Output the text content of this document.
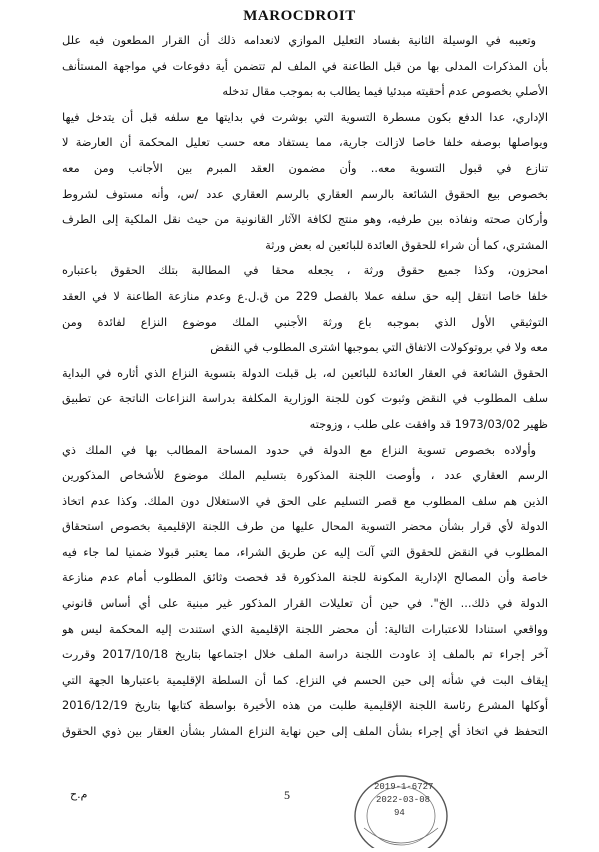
MAROCDROIT
وتعيبه في الوسيلة الثانية بفساد التعليل الموازي لانعدامه ذلك أن القرار المطعون فيه علل
بأن المذكرات المدلى بها من قبل الطاعنة في الملف لم تتضمن أية دفوعات في مواجهة المستأنف
الأصلي بخصوص عدم أحقيته مبدئيا فيما يطالب به بموجب مقال تدخله
الإداري، عدا الدفع بكون مسطرة التسوية التي بوشرت في بدايتها مع سلفه قبل أن يتدخل فيها
ويواصلها بوصفه خلفا خاصا لازالت جارية، مما يستفاد معه حسب تعليل المحكمة أن العارضة لا
تنازع في قبول التسوية معه.. وأن مضمون العقد المبرم بين الأجانب ومن معه
بخصوص بيع الحقوق الشائعة بالرسم العقاري بالرسم العقاري عدد /س، وأنه مستوف لشروط
وأركان صحته ونفاذه بين طرفيه، وهو منتج لكافة الآثار القانونية من حيث نقل الملكية إلى الطرف
المشتري، كما أن شراء للحقوق العائدة للبائعين له بعض ورثة
امحزون، وكذا جميع حقوق ورثة ، يجعله محقا في المطالبة بتلك الحقوق باعتباره
خلفا خاصا انتقل إليه حق سلفه عملا بالفصل 229 من ق.ل.ع وعدم منازعة الطاعنة لا في العقد
التوثيقي الأول الذي بموجبه باع ورثة الأجنبي الملك موضوع النزاع لفائدة ومن
معه ولا في بروتوكولات الاتفاق التي بموجبها اشترى المطلوب في النقض
الحقوق الشائعة في العقار العائدة للبائعين له، بل قبلت الدولة بتسوية النزاع الذي أثاره في البداية
سلف المطلوب في النقض وثبوت كون للجنة الوزارية المكلفة بدراسة النزاعات الناتجة عن تطبيق
ظهير 1973/03/02 قد وافقت على طلب ، وزوجته
وأولاده بخصوص تسوية النزاع مع الدولة في حدود المساحة المطالب بها في الملك ذي
الرسم العقاري عدد ، وأوصت اللجنة المذكورة بتسليم الملك موضوع للأشخاص المذكورين
الذين هم سلف المطلوب مع قصر التسليم على الحق في الاستغلال دون الملك. وكذا عدم اتخاذ
الدولة لأي قرار بشأن محضر التسوية المحال عليها من طرف اللجنة الإقليمية بخصوص استحقاق
المطلوب في النقض للحقوق التي آلت إليه عن طريق الشراء، مما يعتبر قبولا ضمنيا لما جاء فيه
خاصة وأن المصالح الإدارية المكونة للجنة المذكورة قد فحصت وثائق المطلوب أمام عدم منازعة
الدولة في ذلك... الخ". في حين أن تعليلات القرار المذكور غير مبنية على أي أساس قانوني
وواقعي استنادا للاعتبارات التالية: أن محضر اللجنة الإقليمية الذي استندت إليه المحكمة ليس هو
آخر إجراء تم بالملف إذ عاودت اللجنة دراسة الملف خلال اجتماعها بتاريخ 2017/10/18 وقررت
إيقاف البت في شأنه إلى حين الحسم في النزاع. كما أن السلطة الإقليمية باعتبارها الجهة التي
أوكلها المشرع رئاسة اللجنة الإقليمية طلبت من هذه الأخيرة بواسطة كتابها بتاريخ 2016/12/19
التحفظ في اتخاذ أي إجراء بشأن الملف إلى حين نهاية النزاع المشار بشأن العقار بين ذوي الحقوق
م.ح	5
2019-1-6727
2022-03-08
94
